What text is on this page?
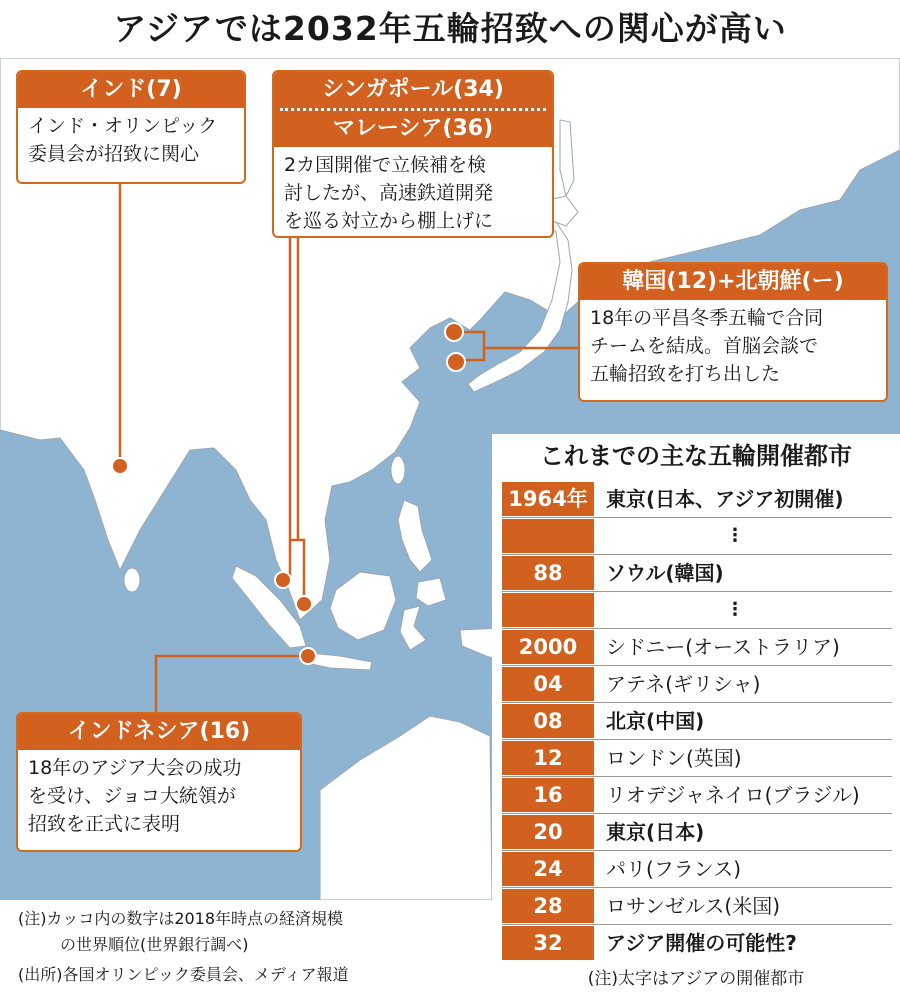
アジアでは2032年五輪招致への関心が高い
インド(7)
インド・オリンピック
委員会が招致に関心
シンガポール(34)
マレーシア(36)
2カ国開催で立候補を検
討したが、高速鉄道開発
を巡る対立から棚上げに
韓国(12)+北朝鮮(ー)
18年の平昌冬季五輪で合同
チームを結成。首脳会談で
五輪招致を打ち出した
インドネシア(16)
18年のアジア大会の成功
を受け、ジョコ大統領が
招致を正式に表明
これまでの主な五輪開催都市
1964年 東京(日本、アジア初開催)
⋮
88	ソウル(韓国)
⋮
2000	シドニー(オーストラリア)
04	アテネ(ギリシャ)
08	北京(中国)
12	ロンドン(英国)
16	リオデジャネイロ(ブラジル)
20	東京(日本)
24	パリ(フランス)
28	ロサンゼルス(米国)
32	アジア開催の可能性?
(注)太字はアジアの開催都市
(注)カッコ内の数字は2018年時点の経済規模
の世界順位(世界銀行調べ)
(出所)各国オリンピック委員会、メディア報道
